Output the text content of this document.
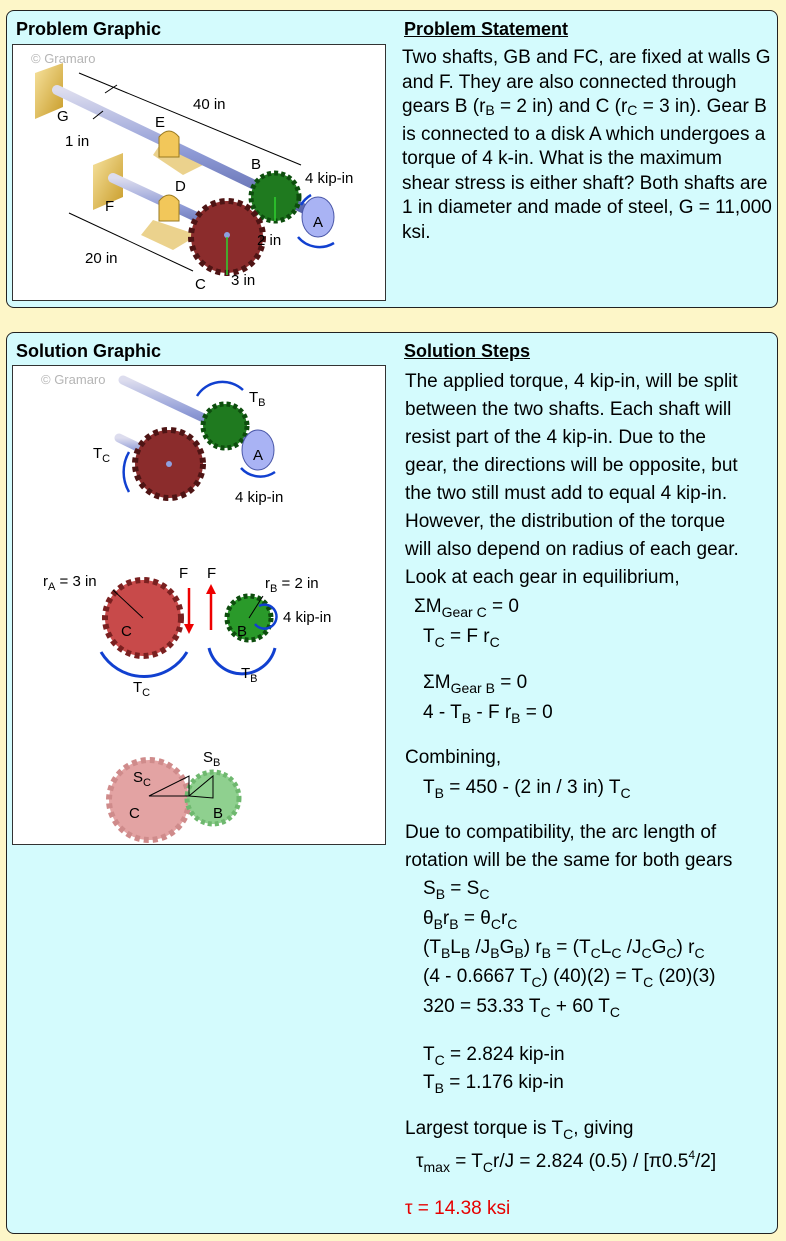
Problem Graphic	Problem Statement
Two shafts, GB and FC, are fixed at walls G and F. They are also connected through gears B (rB = 2 in) and C (rC = 3 in). Gear B is connected to a disk A which undergoes a torque of 4 k-in. What is the maximum shear stress is either shaft? Both shafts are 1 in diameter and made of steel, G = 11,000 ksi.
© Gramaro
G
1 in
40 in
E
D
F
B
4 kip-in
A
2 in
20 in
3 in
C
Solution Graphic	Solution Steps
© Gramaro
$T_B$
$T_C$	A
4 kip-in
$r_A = 3$ in	$r_B = 2$ in
F F
4 kip-in
C	B
$T_C$
$T_B$
$S_C$
$S_B$
C	B
The applied torque, 4 kip-in, will be split
between the two shafts. Each shaft will
resist part of the 4 kip-in. Due to the
gear, the directions will be opposite, but
the two still must add to equal 4 kip-in.
However, the distribution of the torque
will also depend on radius of each gear.
Look at each gear in equilibrium,
$\Sigma M_{Gear C} = 0$
$T_C = F$ $r_C$
$\Sigma M_{Gear B} = 0$
$4 - T_B$ - F $r_B = 0$
Combining,
$T_B = 450 - (2$ in / 3 in) $T_C$
Due to compatibility, the arc length of
rotation will be the same for both gears
$S_B = S_C$
$\theta_Br_B = \theta_Cr_C$
($T_BL_B$ $/J_BG_B$) $r_B = (T_CL_C$ $/J_CG_C$) $r_C$
(4 - 0.6667 $T_C$) $(40)(2) = T_C$ (20)(3)
320 = 53.33 $T_C + 60$ $T_C$
$T_C = 2.824$ kip-in
$T_B = 1.176$ kip-in
Largest torque is $T_C$, giving
$\tau_{max} = T_Cr/J = 2.824$ $(0.5) / [\pi 0.5^4/2]$
τ = 14.38 ksi
